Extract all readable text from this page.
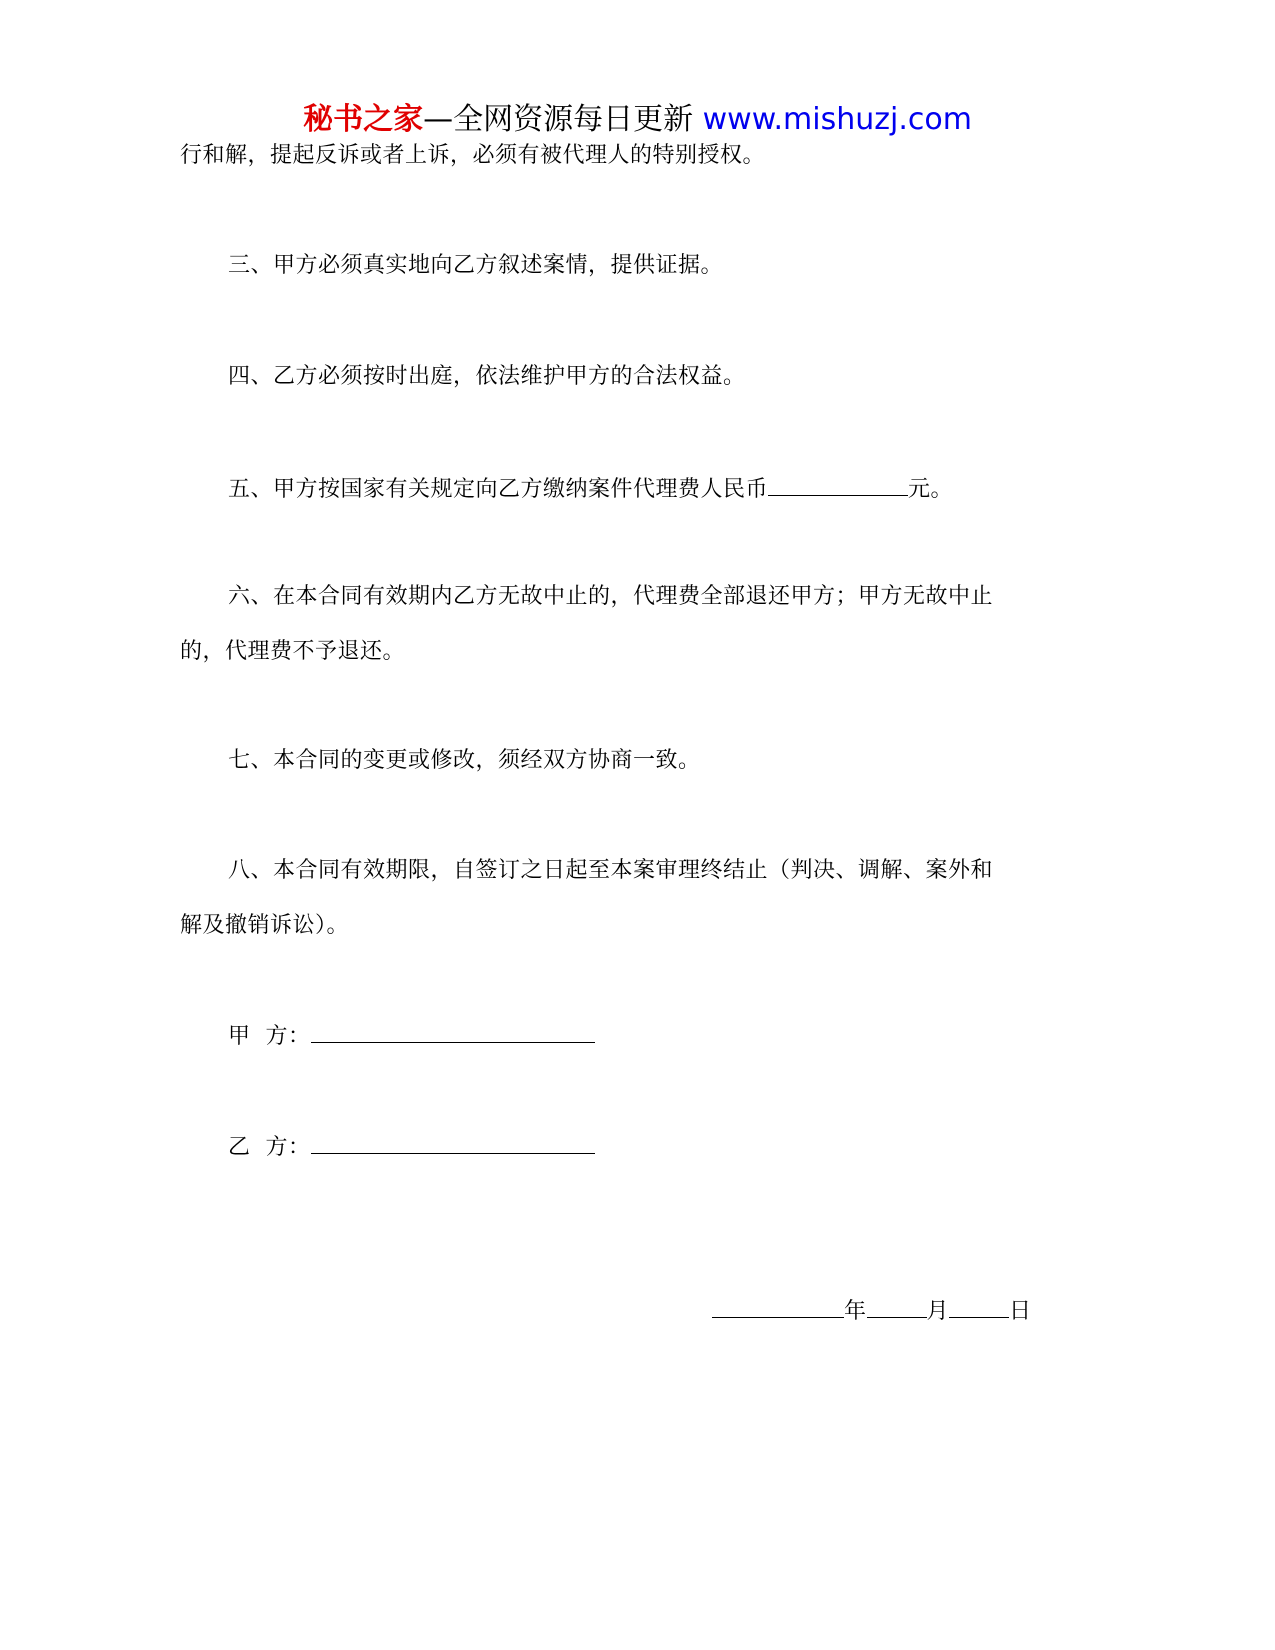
秘书之家—全网资源每日更新 www.mishuzj.com
行和解，提起反诉或者上诉，必须有被代理人的特别授权。
三、甲方必须真实地向乙方叙述案情，提供证据。
四、乙方必须按时出庭，依法维护甲方的合法权益。
五、甲方按国家有关规定向乙方缴纳案件代理费人民币	元。
六、在本合同有效期内乙方无故中止的，代理费全部退还甲方；甲方无故中止
的，代理费不予退还。
七、本合同的变更或修改，须经双方协商一致。
八、本合同有效期限，自签订之日起至本案审理终结止（判决、调解、案外和
解及撤销诉讼）。
甲  方：
乙  方：
年	月	日
